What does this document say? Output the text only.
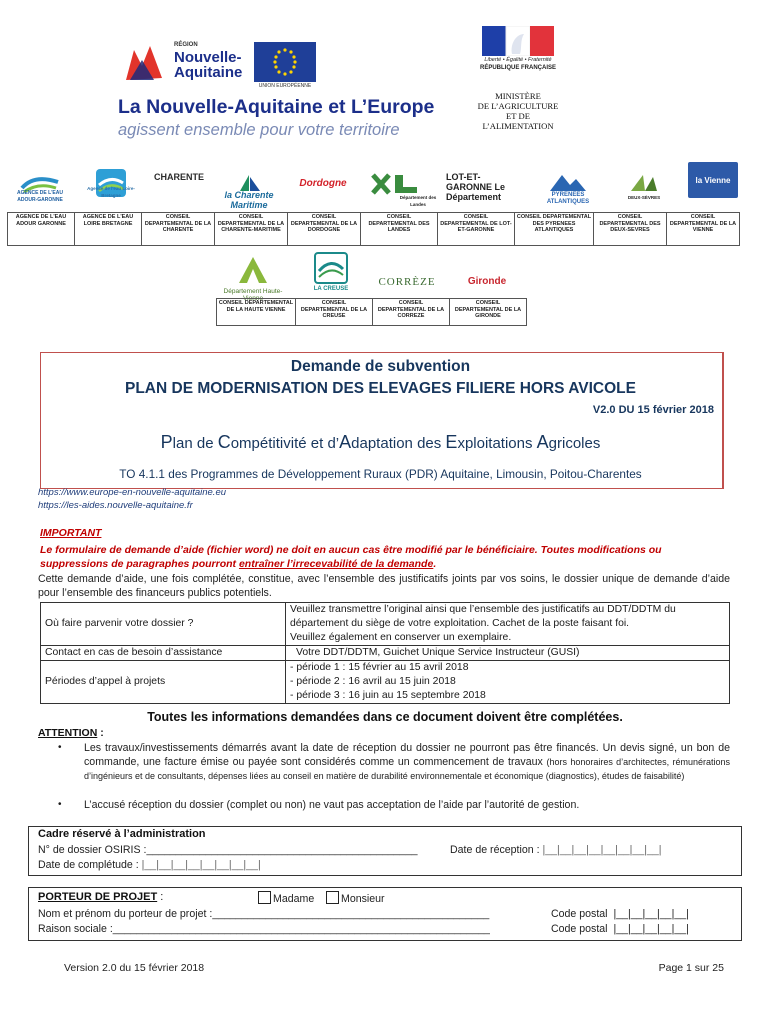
RÉGION
Nouvelle-
Aquitaine
UNION EUROPÉENNE
La Nouvelle-Aquitaine et L’Europe
agissent ensemble pour votre territoire
Liberté • Égalité • Fraternité
RÉPUBLIQUE FRANÇAISE
MINISTÈRE
DE L’AGRICULTURE
ET DE
L’ALIMENTATION
AGENCE DE L'EAU ADOUR-GARONNE
Agence de l'eau Loire-Bretagne
CHARENTE
la Charente Maritime
Dordogne
Département des Landes
LOT-ET-GARONNE Le Département	PYRENEES ATLANTIQUES
DEUX-SÈVRES
la Vienne
AGENCE DE L'EAU ADOUR GARONNE

AGENCE DE L'EAU LOIRE BRETAGNE

CONSEIL DEPARTEMENTAL DE LA CHARENTE

CONSEIL DEPARTEMENTAL DE LA CHARENTE-MARITIME

CONSEIL DEPARTEMENTAL DE LA DORDOGNE

CONSEIL DEPARTEMENTAL DES LANDES

CONSEIL DEPARTEMENTAL DE LOT-ET-GARONNE

CONSEIL DEPARTEMENTAL DES PYRENEES ATLANTIQUES

CONSEIL DEPARTEMENTAL DES DEUX-SEVRES

CONSEIL DEPARTEMENTAL DE LA VIENNE
Département Haute-Vienne
LA CREUSE
CORRÈZE	Gironde
CONSEIL DEPARTEMENTAL DE LA HAUTE VIENNE

CONSEIL DEPARTEMENTAL DE LA CREUSE

CONSEIL DEPARTEMENTAL DE LA CORREZE

CONSEIL DEPARTEMENTAL DE LA GIRONDE
Demande de subvention
PLAN DE MODERNISATION DES ELEVAGES FILIERE HORS AVICOLE
V2.0 DU 15 février 2018
Plan de Compétitivité et d’Adaptation des Exploitations Agricoles
TO 4.1.1 des Programmes de Développement Ruraux (PDR) Aquitaine, Limousin, Poitou-Charentes
https://www.europe-en-nouvelle-aquitaine.eu
https://les-aides.nouvelle-aquitaine.fr
IMPORTANT
Le formulaire de demande d’aide (fichier word) ne doit en aucun cas être modifié par le bénéficiaire. Toutes modifications ou suppressions de paragraphes pourront entraîner l’irrecevabilité de la demande.
Cette demande d’aide, une fois complétée, constitue, avec l’ensemble des justificatifs joints par vos soins, le dossier unique de demande d’aide pour l’ensemble des financeurs publics potentiels.
Où faire parvenir votre dossier ?	Veuillez transmettre l’original ainsi que l’ensemble des justificatifs au DDT/DDTM du département du siège de votre exploitation. Cachet de la poste faisant foi.
Veuillez également en conserver un exemplaire.

Contact en cas de besoin d’assistance	Votre DDT/DDTM, Guichet Unique Service Instructeur (GUSI)

Périodes d’appel à projets	- période 1 : 15 février au 15 avril 2018
- période 2 : 16 avril au 15 juin 2018
- période 3 : 16 juin au 15 septembre 2018
Toutes les informations demandées dans ce document doivent être complétées.
ATTENTION :
• Les travaux/investissements démarrés avant la date de réception du dossier ne pourront pas être financés. Un devis signé, un bon de commande, une facture émise ou payée sont considérés comme un commencement de travaux (hors honoraires d’architectes, rémunérations d’ingénieurs et de consultants, dépenses liées au conseil en matière de durabilité environnementale et économique (diagnostics), études de faisabilité)
• L’accusé réception du dossier (complet ou non) ne vaut pas acceptation de l’aide par l’autorité de gestion.
Cadre réservé à l’administration
N° de dossier OSIRIS :______________________________________________	Date de réception : |__|__|__|__|__|__|__|__|
Date de complétude : |__|__|__|__|__|__|__|__|
PORTEUR DE PROJET :	Madame	Monsieur
Nom et prénom du porteur de projet :_______________________________________________	Code postal |__|__|__|__|__|
Raison sociale :________________________________________________________________	Code postal |__|__|__|__|__|
Version 2.0 du 15 février 2018	Page 1 sur 25
